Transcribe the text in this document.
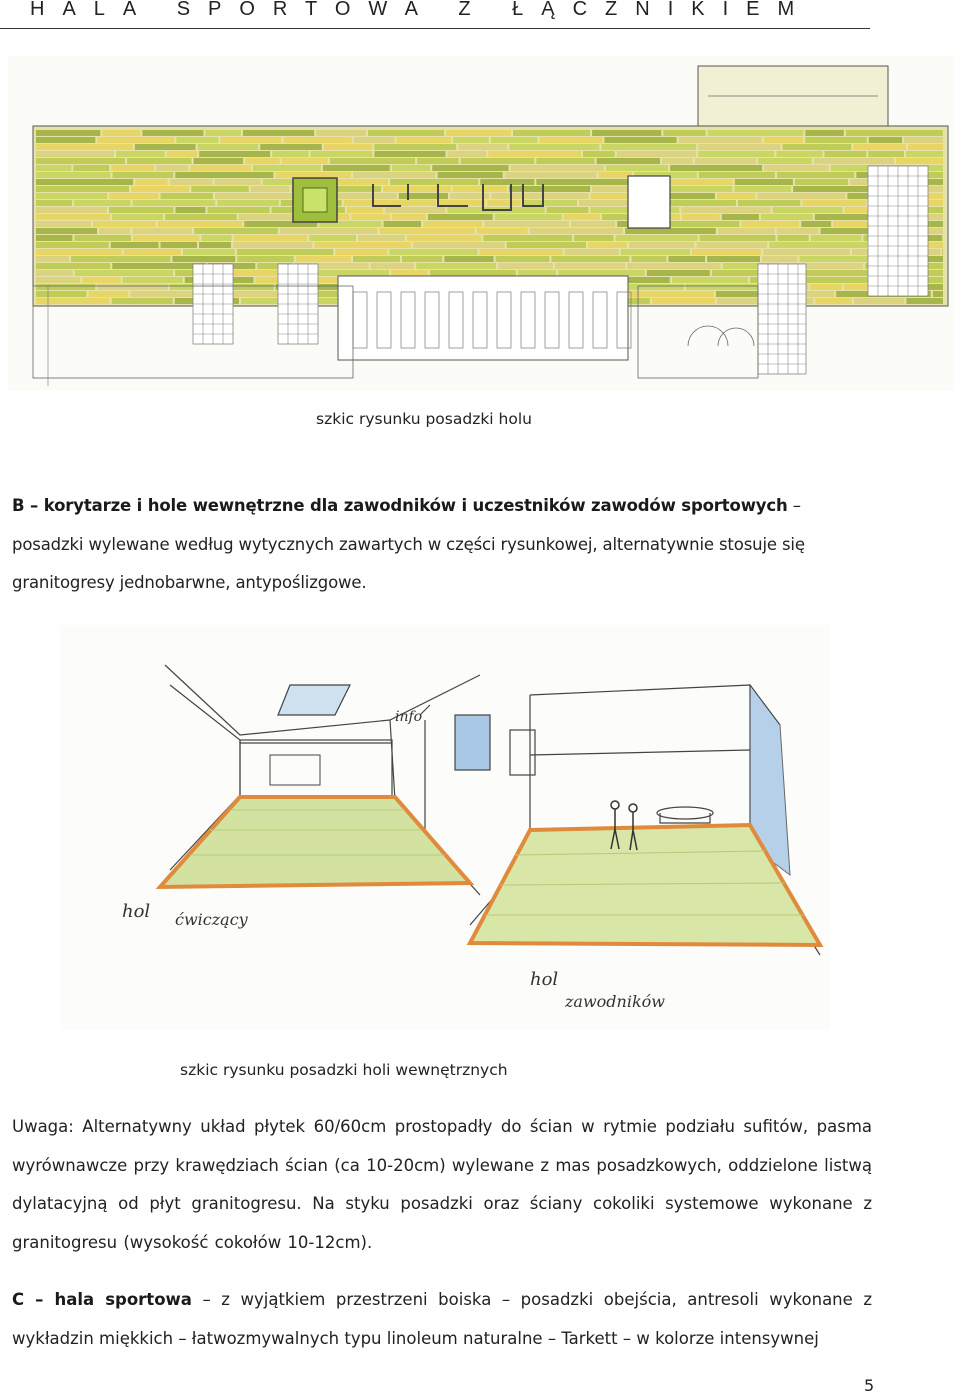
HALA SPORTOWA Z ŁĄCZNIKIEM
szkic rysunku posadzki holu
B – korytarze i hole wewnętrzne dla zawodników i uczestników zawodów sportowych – posadzki wylewane według wytycznych zawartych w części rysunkowej, alternatywnie stosuje się granitogresy jednobarwne, antypoślizgowe.
hol ćwiczący
hol
zawodników
info
szkic rysunku posadzki holi wewnętrznych
Uwaga: Alternatywny układ płytek 60/60cm prostopadły do ścian w rytmie podziału sufitów, pasma wyrównawcze przy krawędziach ścian (ca 10-20cm) wylewane z mas posadzkowych, oddzielone listwą dylatacyjną od płyt granitogresu. Na styku posadzki oraz ściany cokoliki systemowe wykonane z granitogresu (wysokość cokołów 10-12cm).
C – hala sportowa – z wyjątkiem przestrzeni boiska – posadzki obejścia, antresoli wykonane z wykładzin miękkich – łatwozmywalnych typu linoleum naturalne – Tarkett – w kolorze intensywnej
5
